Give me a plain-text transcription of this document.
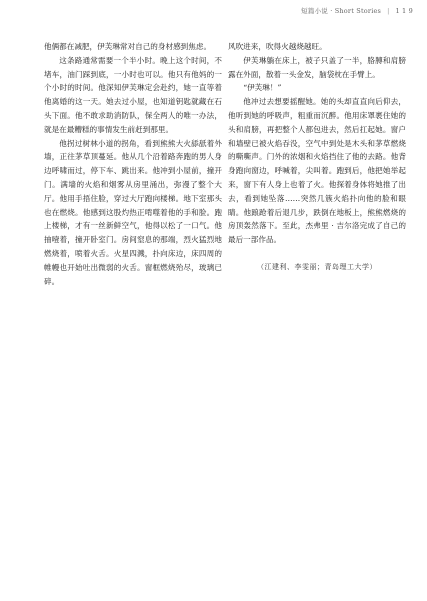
短篇小说 · Short Stories | 1 1 9

他俩都在减肥，伊芙琳常对自己的身材感到焦虑。

这条路通常需要一个半小时。晚上这个时间，不堵车，油门踩到底，一小时也可以。他只有他妈的一个小时的时间。他深知伊芙琳定会赴约，她一直等着他离婚的这一天。她去过小屋，也知道钥匙就藏在石头下面。他不敢求助消防队，保全两人的唯一办法，就是在最糟糕的事情发生前赶到那里。

他拐过树林小道的拐角，看到熊熊大火舔舐着外墙，正往茅草顶蔓延。他从几个沿着路奔跑的男人身边呼啸而过，停下车、跳出来。他冲到小屋前，撞开门。满墙的火焰和烟雾从房里涌出，弥漫了整个大厅。他用手捂住脸，穿过大厅跑向楼梯。地下室那头也在燃烧。他感到这股灼热正啃噬着他的手和脸。跑上楼梯，才有一丝新鲜空气，他得以松了一口气。他抽噎着，撞开卧室门。房间窒息的那端，烈火猛烈地燃烧着，喷着火舌。火星四溅，扑向床边，床四周的帷幔也开始吐出微弱的火舌。窗框燃烧殆尽，玻璃已碎。

风吹进来，吹得火越烧越旺。

伊芙琳躺在床上，被子只盖了一半，胳膊和肩膀露在外面，散着一头金发，脑袋枕在手臂上。

“伊芙琳！”

他冲过去想要摇醒她。她的头却直直向后仰去，他听到她的呼吸声，粗重而沉醉。他用床罩裹住她的头和肩膀，再把整个人都包进去，然后扛起她。窗户和墙壁已被火焰吞没，空气中到处是木头和茅草燃烧的嘶嘶声。门外的浓烟和火焰挡住了他的去路。他背身跑向窗边，呼喊着，尖叫着。跑到后，他把她举起来，窗下有人身上也着了火。他探着身体将她推了出去，看到她坠落……突然几簇火焰扑向他的脸和眼睛。他踉跄着后退几步，跌倒在地板上，熊熊燃烧的房顶轰然落下。至此，杰弗里 · 吉尔洛完成了自己的最后一部作品。

（江建利、李雯丽；青岛理工大学）
